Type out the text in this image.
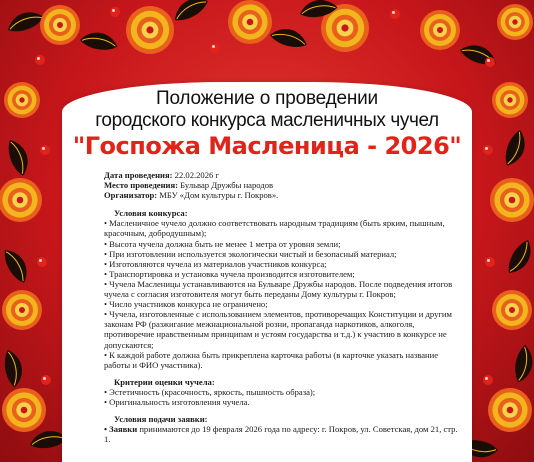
Положение о проведении
городского конкурса масленичных чучел
"Госпожа Масленица - 2026"

Дата проведения: 22.02.2026 г

Место проведения: Бульвар Дружбы народов

Организатор: МБУ «Дом культуры г. Покров».

Условия конкурса:

• Масленичное чучело должно соответствовать народным традициям (быть ярким, пышным, красочным, добродушным);

• Высота чучела должна быть не менее 1 метра от уровня земли;

• При изготовлении используется экологически чистый и безопасный материал;

• Изготовляются чучела из материалов участников конкурса;

• Транспортировка и установка чучела производится изготовителем;

• Чучела Масленицы устанавливаются на Бульваре Дружбы народов. После подведения итогов чучела с согласия изготовителя могут быть переданы Дому культуры г. Покров;

• Число участников конкурса не ограничено;

• Чучела, изготовленные с использованием элементов, противоречащих Конституции и другим законам РФ (разжигание межнациональной розни, пропаганда наркотиков, алкоголя, противоречие нравственным принципам и устоям государства и т.д.) к участию в конкурсе не допускаются;

• К каждой работе должна быть прикреплена карточка работы (в карточке указать название работы и ФИО участника).

Критерии оценки чучела:

• Эстетичность (красочность, яркость, пышность образа);

• Оригинальность изготовления чучела.

Условия подачи заявки:

• Заявки принимаются до 19 февраля 2026 года по адресу: г. Покров, ул. Советская, дом 21, стр. 1.
